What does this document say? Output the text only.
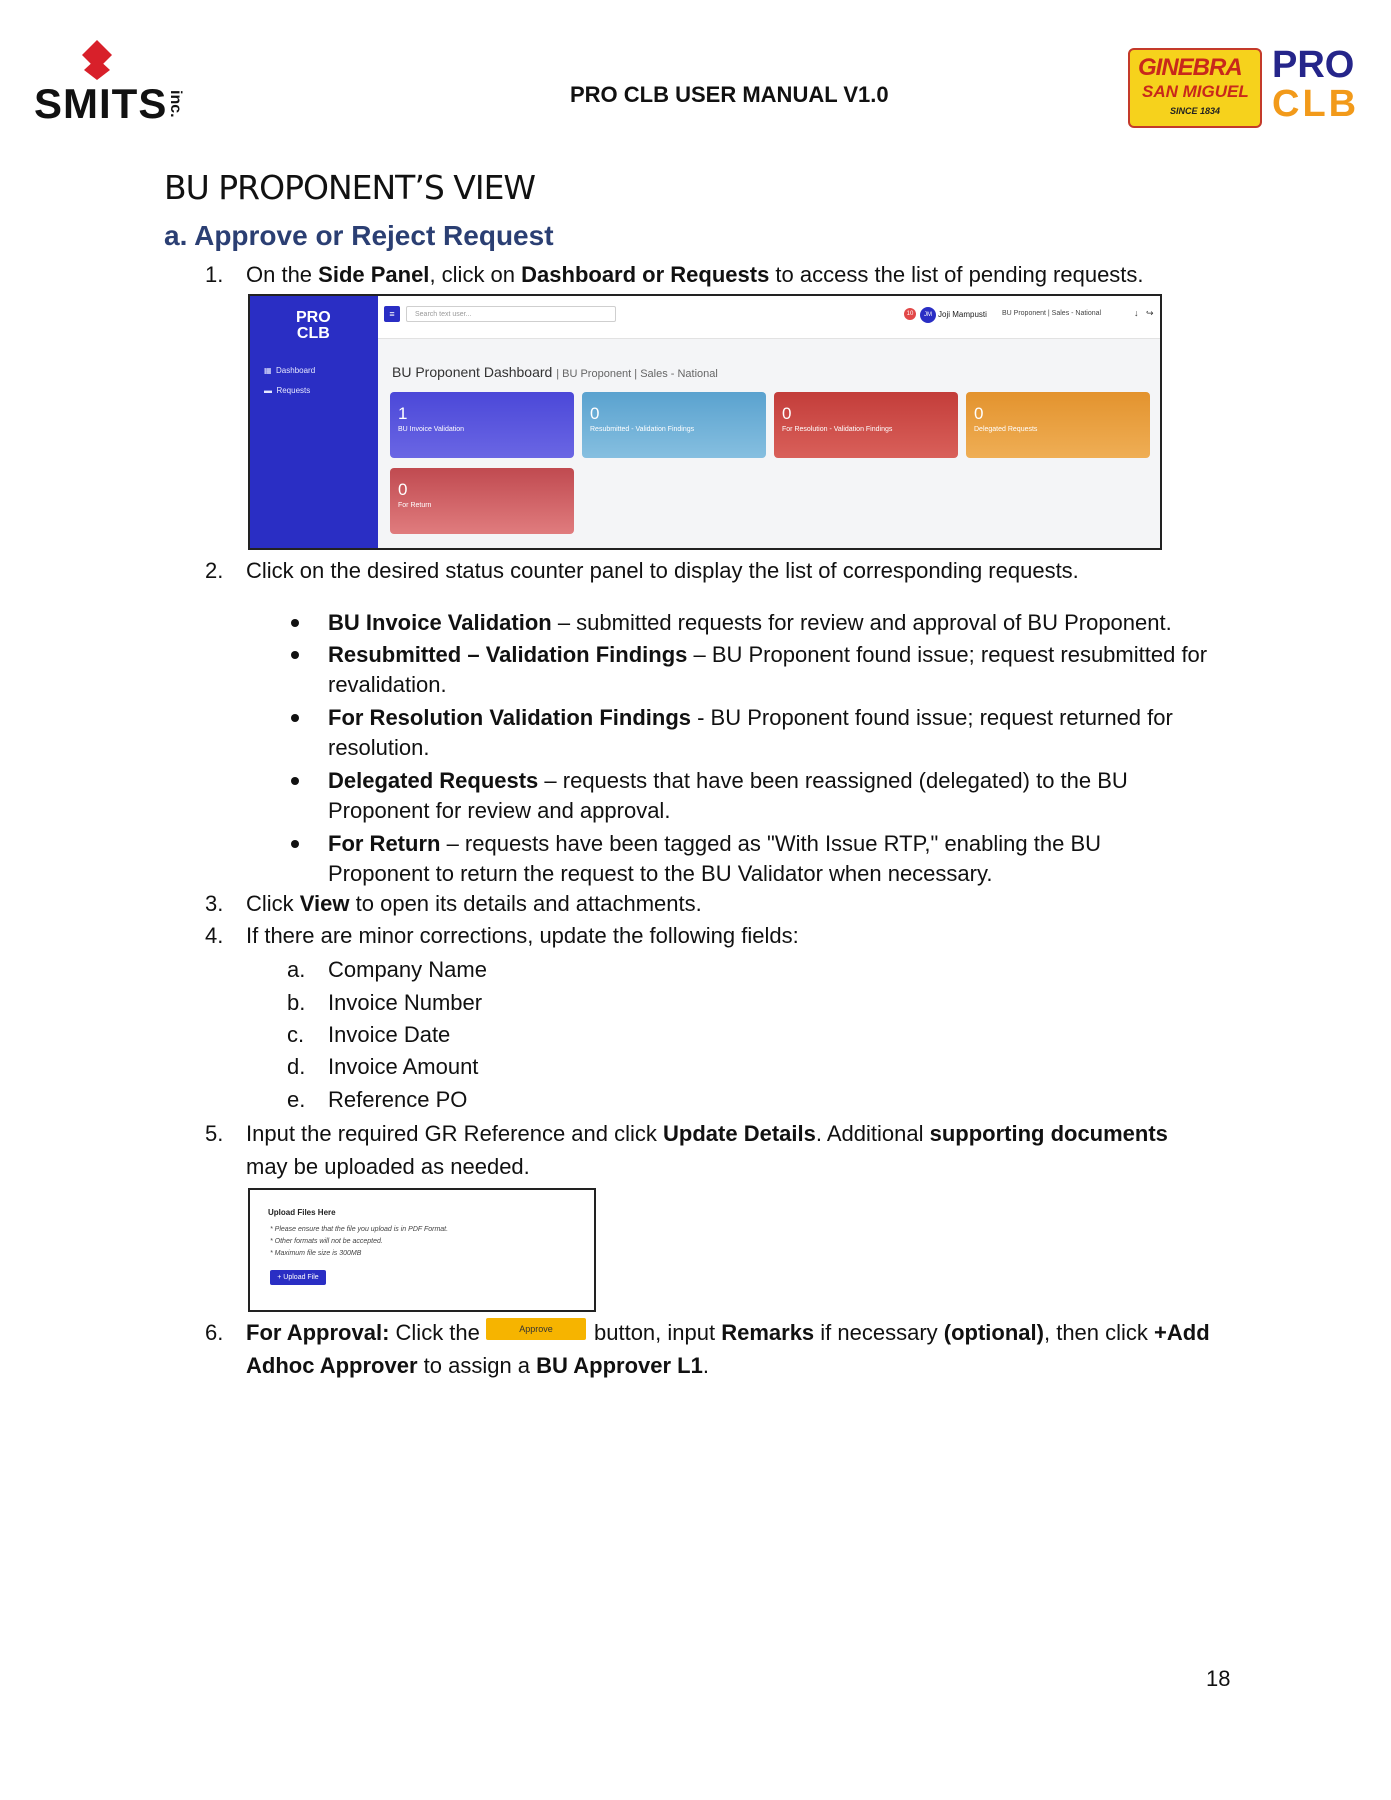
SMITS inc.	PRO CLB USER MANUAL V1.0
GINEBRA
SAN MIGUEL
SINCE 1834
PRO
CLB
BU PROPONENT’S VIEW
a. Approve or Reject Request
1. On the Side Panel, click on Dashboard or Requests to access the list of pending requests.
PRO
CLB
▦  Dashboard
▬  Requests
≡	Search text user...	10	JM Joji Mampusti BU Proponent | Sales - National	↓ ↪
BU Proponent Dashboard | BU Proponent | Sales - National
1
BU Invoice Validation
0
Resubmitted - Validation Findings
0
For Resolution - Validation Findings
0
Delegated Requests
0
For Return
2. Click on the desired status counter panel to display the list of corresponding requests.
BU Invoice Validation – submitted requests for review and approval of BU Proponent.
Resubmitted – Validation Findings – BU Proponent found issue; request resubmitted for
revalidation.
For Resolution Validation Findings - BU Proponent found issue; request returned for
resolution.
Delegated Requests – requests that have been reassigned (delegated) to the BU
Proponent for review and approval.
For Return – requests have been tagged as "With Issue RTP," enabling the BU
Proponent to return the request to the BU Validator when necessary.
3. Click View to open its details and attachments.
4. If there are minor corrections, update the following fields:
a. Company Name
b. Invoice Number
c. Invoice Date
d. Invoice Amount
e. Reference PO
5. Input the required GR Reference and click Update Details. Additional supporting documents
may be uploaded as needed.
Upload Files Here
* Please ensure that the file you upload is in PDF Format.
* Other formats will not be accepted.
* Maximum file size is 300MB
+ Upload File
6. For Approval: Click the	Approve	button, input Remarks if necessary (optional), then click +Add
Adhoc Approver to assign a BU Approver L1.
18
